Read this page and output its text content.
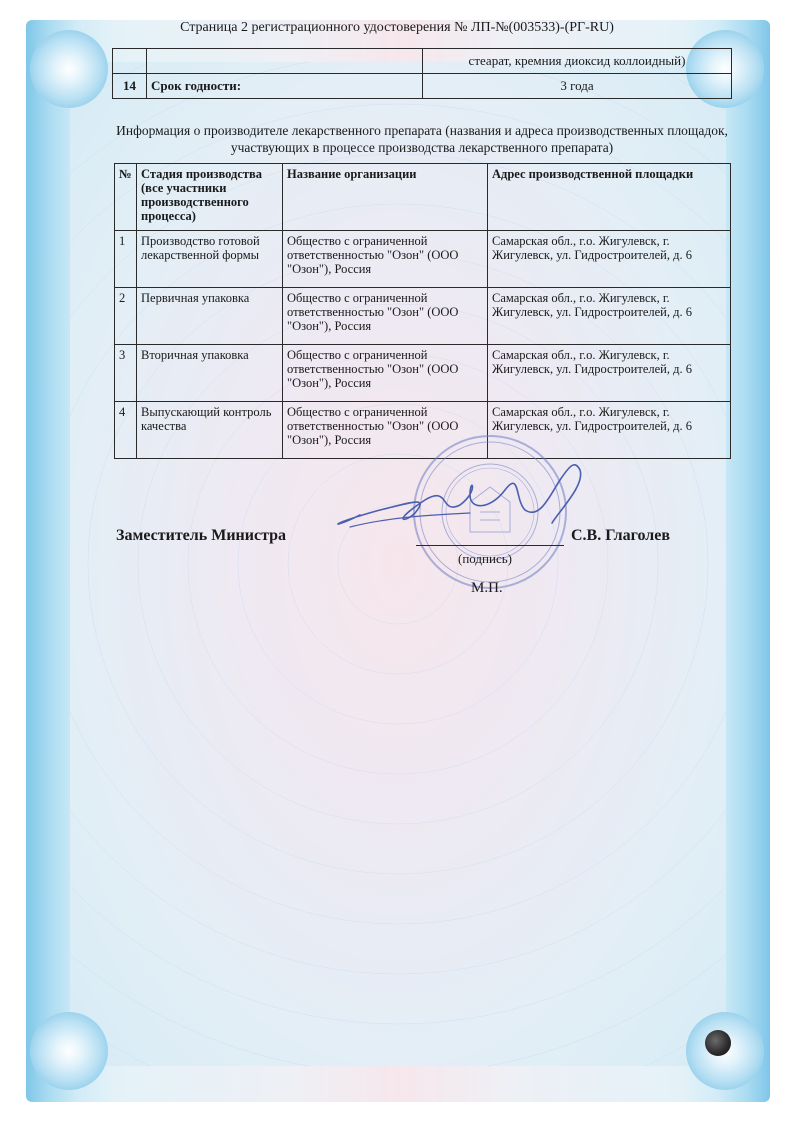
Страница 2 регистрационного удостоверения № ЛП-№(003533)-(РГ-RU)
		стеарат, кремния диоксид коллоидный)
14	Срок годности:	3 года
Информация о производителе лекарственного препарата (названия и адреса производственных площадок, участвующих в процессе производства лекарственного препарата)
№	Стадия производства (все участники производственного процесса)	Название организации	Адрес производственной площадки
1	Производство готовой лекарственной формы	Общество с ограниченной ответственностью "Озон" (ООО "Озон"), Россия	Самарская обл., г.о. Жигулевск, г. Жигулевск, ул. Гидростроителей, д. 6
2	Первичная упаковка	Общество с ограниченной ответственностью "Озон" (ООО "Озон"), Россия	Самарская обл., г.о. Жигулевск, г. Жигулевск, ул. Гидростроителей, д. 6
3	Вторичная упаковка	Общество с ограниченной ответственностью "Озон" (ООО "Озон"), Россия	Самарская обл., г.о. Жигулевск, г. Жигулевск, ул. Гидростроителей, д. 6
4	Выпускающий контроль качества	Общество с ограниченной ответственностью "Озон" (ООО "Озон"), Россия	Самарская обл., г.о. Жигулевск, г. Жигулевск, ул. Гидростроителей, д. 6
Заместитель Министра
(подпись)
С.В. Глаголев
М.П.
